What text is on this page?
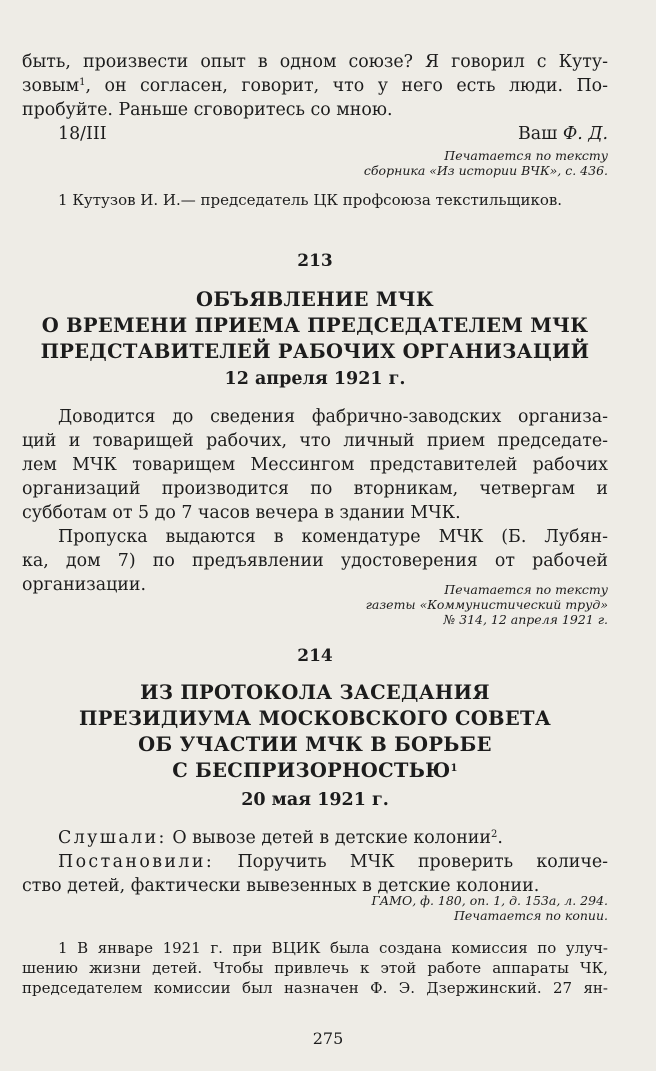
быть, произвести опыт в одном союзе? Я говорил с Куту-

зовым$^1$, он согласен, говорит, что у него есть люди. По-

пробуйте. Раньше сговоритесь со мною.

18/III	Ваш Ф. Д.

Печатается по тексту

сборника «Из истории ВЧК», с. 436.

1 Кутузов И. И.— председатель ЦК профсоюза текстильщиков.

213

ОБЪЯВЛЕНИЕ МЧК

О ВРЕМЕНИ ПРИЕМА ПРЕДСЕДАТЕЛЕМ МЧК

ПРЕДСТАВИТЕЛЕЙ РАБОЧИХ ОРГАНИЗАЦИЙ

12 апреля 1921 г.

Доводится до сведения фабрично-заводских организа-

ций и товарищей рабочих, что личный прием председате-

лем МЧК товарищем Мессингом представителей рабочих

организаций производится по вторникам, четвергам и

субботам от 5 до 7 часов вечера в здании МЧК.

Пропуска выдаются в комендатуре МЧК (Б. Лубян-

ка, дом 7) по предъявлении удостоверения от рабочей

организации.	Печатается по тексту

газеты «Коммунистический труд»

№ 314, 12 апреля 1921 г.

214

ИЗ ПРОТОКОЛА ЗАСЕДАНИЯ

ПРЕЗИДИУМА МОСКОВСКОГО СОВЕТА

ОБ УЧАСТИИ МЧК В БОРЬБЕ

С БЕСПРИЗОРНОСТЬЮ$^1$

20 мая 1921 г.

Слушали: О вывозе детей в детские колонии$^2$.

Постановили: Поручить МЧК проверить количе-

ство детей, фактически вывезенных в детские колонии.

ГАМО, ф. 180, оп. 1, д. 153а, л. 294.

Печатается по копии.

1 В январе 1921 г. при ВЦИК была создана комиссия по улуч-

шению жизни детей. Чтобы привлечь к этой работе аппараты ЧК,

председателем комиссии был назначен Ф. Э. Дзержинский. 27 ян-

275
